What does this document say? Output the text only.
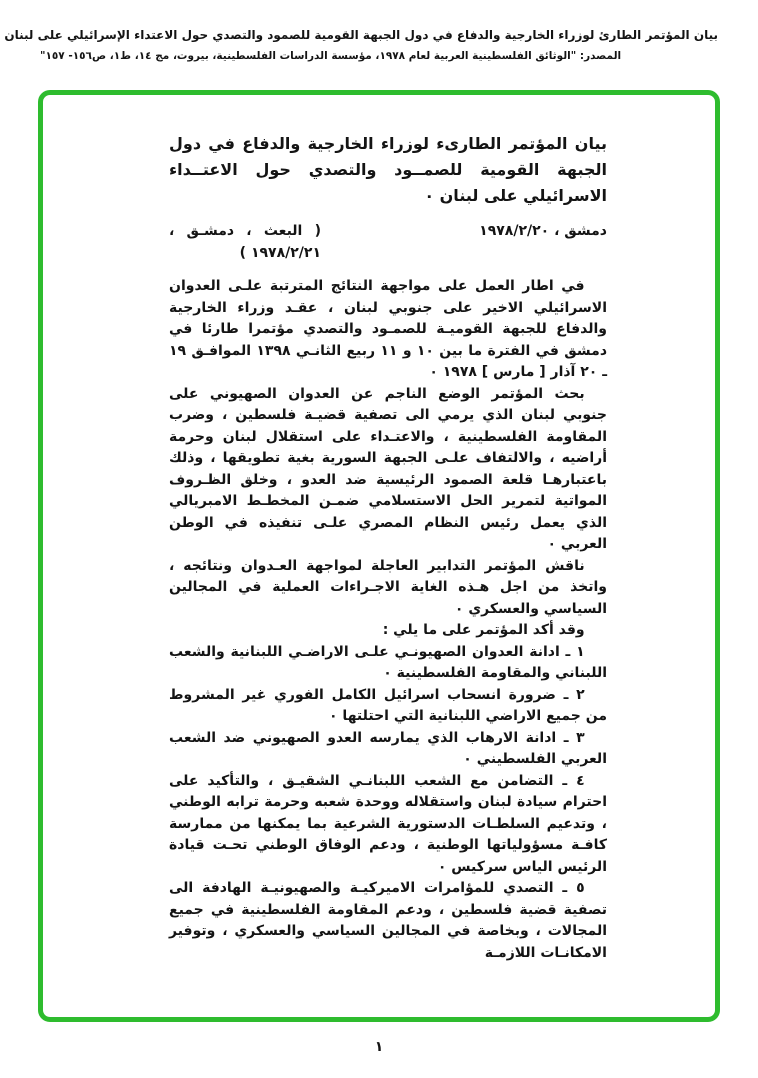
بيان المؤتمر الطارئ لوزراء الخارجية والدفاع في دول الجبهة القومية للصمود والتصدي حول الاعتداء الإسرائيلي على لبنان
المصدر: "الوثائق الفلسطينية العربية لعام ١٩٧٨، مؤسسة الدراسات الفلسطينية، بيروت، مج ١٤، ط١، ص١٥٦- ١٥٧"
بيان المؤتمر الطارىء لوزراء الخارجية والدفاع في دول الجبهة القومية للصمــود والتصدي حول الاعتــداء الاسرائيلي على لبنان ٠
دمشق ، ١٩٧٨/٢/٢٠
( البعث ، دمشـق ، ١٩٧٨/٢/٢١ )

في اطار العمل على مواجهة النتائج المترتبة علـى العدوان الاسرائيلي الاخير على جنوبي لبنان ، عقـد وزراء الخارجية والدفاع للجبهة القوميـة للصمـود والتصدي مؤتمرا طارئا في دمشق في الفترة ما بين ١٠ و ١١ ربيع الثانـي ١٣٩٨ الموافـق ١٩ ـ ٢٠ آذار [ مارس ] ١٩٧٨ ٠

بحث المؤتمر الوضع الناجم عن العدوان الصهيوني على جنوبي لبنان الذي يرمي الى تصفية قضيـة فلسطين ، وضرب المقاومة الفلسطينية ، والاعتـداء على استقلال لبنان وحرمة أراضيه ، والالتفاف علـى الجبهة السورية بغية تطويقها ، وذلك باعتبارهـا قلعة الصمود الرئيسية ضد العدو ، وخلق الظـروف المواتية لتمرير الحل الاستسلامي ضمـن المخطـط الامبريالي الذي يعمل رئيس النظام المصري علـى تنفيذه في الوطن العربي ٠

ناقش المؤتمر التدابير العاجلة لمواجهة العـدوان ونتائجه ، واتخذ من اجل هـذه الغاية الاجـراءات العملية في المجالين السياسي والعسكري ٠

وقد أكد المؤتمر على ما يلي :

١ ـ ادانة العدوان الصهيونـي علـى الاراضـي اللبنانية والشعب اللبناني والمقاومة الفلسطينية ٠

٢ ـ ضرورة انسحاب اسرائيل الكامل الفوري غير المشروط من جميع الاراضي اللبنانية التي احتلتها ٠

٣ ـ ادانة الارهاب الذي يمارسه العدو الصهيوني ضد الشعب العربي الفلسطيني ٠

٤ ـ التضامن مع الشعب اللبنانـي الشقيـق ، والتأكيد على احترام سيادة لبنان واستقلاله ووحدة شعبه وحرمة ترابه الوطني ، وتدعيم السلطـات الدستورية الشرعية بما يمكنها من ممارسة كافـة مسؤولياتها الوطنية ، ودعم الوفاق الوطني تحـت قيادة الرئيس الياس سركيس ٠

٥ ـ التصدي للمؤامرات الاميركيـة والصهيونيـة الهادفة الى تصفية قضية فلسطين ، ودعم المقاومة الفلسطينية في جميع المجالات ، وبخاصة في المجالين السياسي والعسكري ، وتوفير الامكانـات اللازمـة

١
